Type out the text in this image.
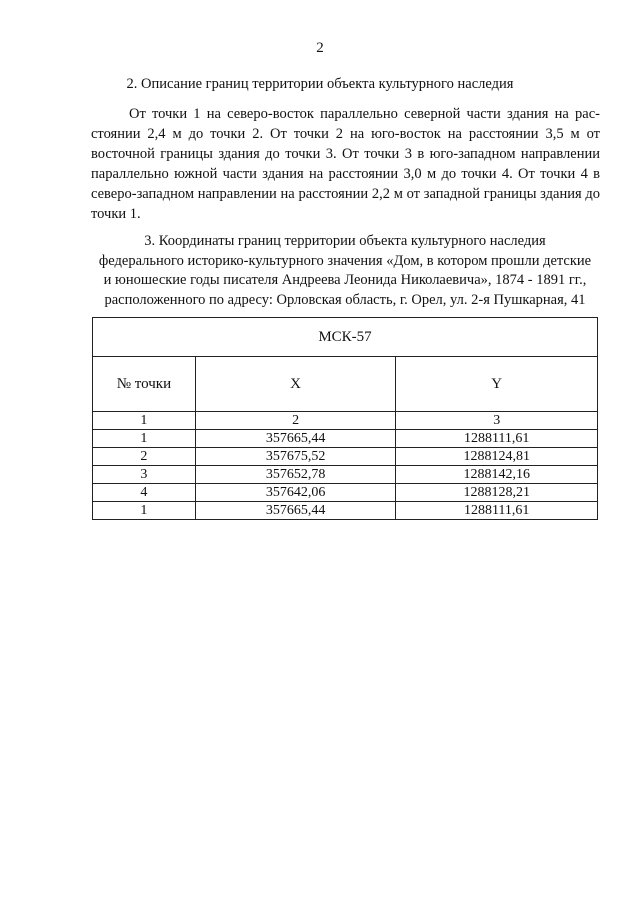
2
2. Описание границ территории объекта культурного наследия

От точки 1 на северо-восток параллельно северной части здания на расстоянии 2,4 м до точки 2. От точки 2 на юго-восток на расстоянии 3,5 м от восточной границы здания до точки 3. От точки 3 в юго-западном направлении параллельно южной части здания на расстоянии 3,0 м до точки 4. От точки 4 в северо-западном направлении на расстоянии 2,2 м от западной границы здания до точки 1.

3. Координаты границ территории объекта культурного наследия
федерального историко-культурного значения «Дом, в котором прошли детские
и юношеские годы писателя Андреева Леонида Николаевича», 1874 - 1891 гг.,
расположенного по адресу: Орловская область, г. Орел, ул. 2-я Пушкарная, 41
МСК-57		
№ точки	X	Y
1	2	3
1	357665,44	1288111,61
2	357675,52	1288124,81
3	357652,78	1288142,16
4	357642,06	1288128,21
1	357665,44	1288111,61
